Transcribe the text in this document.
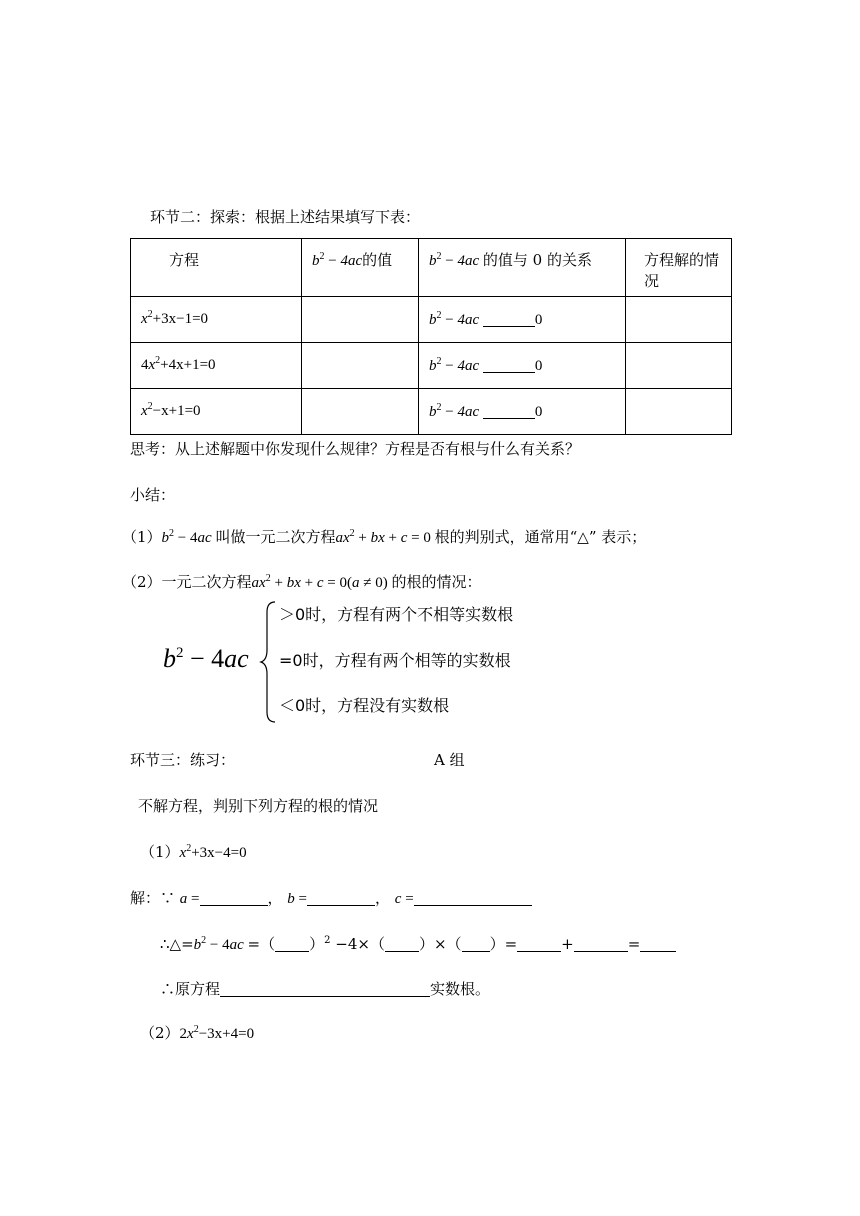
环节二：探索：根据上述结果填写下表：
方程	$b^2 - 4ac$的值	$b^2 - 4ac$ 的值与 0 的关系	方程解的情况
$x^2+3x-1=0$		$b^2 - 4ac$ 0	
$4x^2+4x+1=0$		$b^2 - 4ac$ 0	
$x^2-x+1=0$		$b^2 - 4ac$ 0	
思考：从上述解题中你发现什么规律？方程是否有根与什么有关系？
小结：
$(1)b^2 - 4ac$ 叫做一元二次方程$ax^2$ + bx + c = 0 根的判别式，通常用“△” 表示；
（2）一元二次方程$ax^2$ + bx + c = 0(a ≠ 0) 的根的情况：
$b^2 - 4ac$
＞0时，方程有两个不相等实数根
=0时，方程有两个相等的实数根
＜0时，方程没有实数根
环节三：练习：	A 组
不解方程，判别下列方程的根的情况
$(1)x^2+3x-4=0$
解：∵ a =	， b =	， c =
$\therefore\triangle=b^2 - 4ac$ =（ ）$^2$ −4×（ ）×（ ）=	+	=
∴原方程	实数根。
$(2)2x^2-3x+4=0$
